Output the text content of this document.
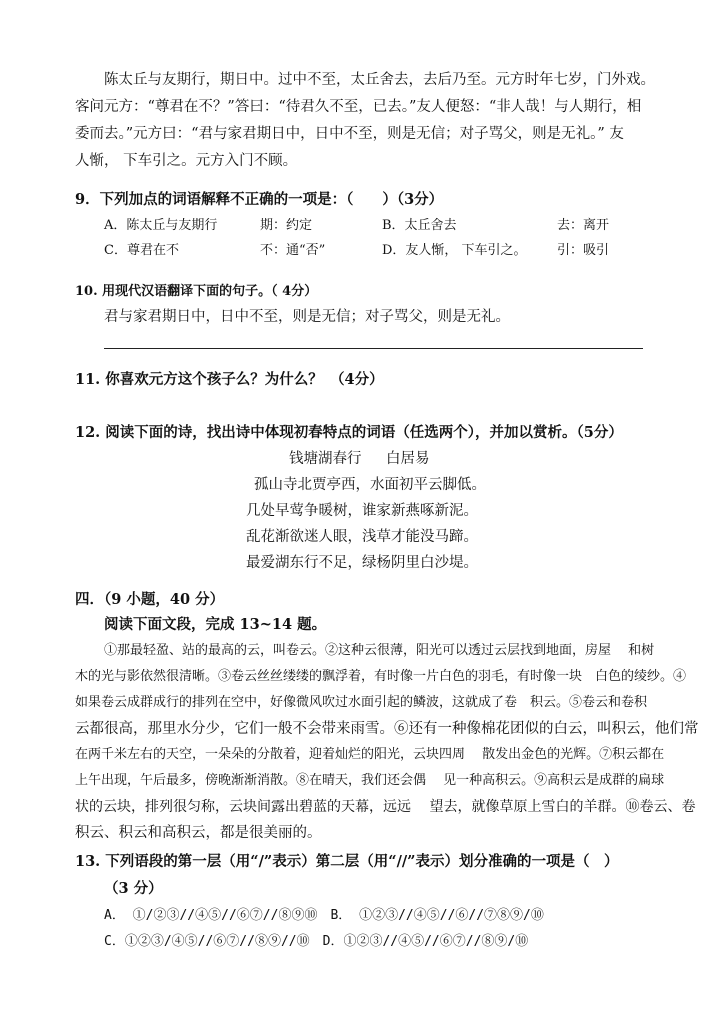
陈太丘与友期行，期日中。过中不至，太丘舍去，去后乃至。元方时年七岁，门外戏。
客问元方：“尊君在不？”答曰：“待君久不至，已去。”友人便怒：“非人哉！与人期行，相
委而去。”元方曰：“君与家君期日中，日中不至，则是无信；对子骂父，则是无礼。” 友
人惭， 下车引之。元方入门不顾。
9．下列加点的词语解释不正确的一项是：（　　）（3分）
A．陈太丘与友期行	期：约定	B．太丘舍去	去：离开
C．尊君在不	不：通“否”	D．友人惭， 下车引之。 引：吸引
10. 用现代汉语翻译下面的句子。（ 4分）
君与家君期日中，日中不至，则是无信；对子骂父，则是无礼。
11. 你喜欢元方这个孩子么？为什么？　（4分）
12. 阅读下面的诗，找出诗中体现初春特点的词语（任选两个），并加以赏析。（5分）
钱塘湖春行 白居易
孤山寺北贾亭西，水面初平云脚低。
几处早莺争暖树，谁家新燕啄新泥。
乱花渐欲迷人眼，浅草才能没马蹄。
最爱湖东行不足，绿杨阴里白沙堤。
四．（9 小题，40 分）
阅读下面文段，完成 13~14 题。
①那最轻盈、站的最高的云，叫卷云。②这种云很薄，阳光可以透过云层找到地面，房屋　 和树
木的光与影依然很清晰。③卷云丝丝缕缕的飘浮着，有时像一片白色的羽毛，有时像一块　白色的绫纱。④
如果卷云成群成行的排列在空中，好像微风吹过水面引起的鳞波，这就成了卷　积云。⑤卷云和卷积
云都很高，那里水分少，它们一般不会带来雨雪。⑥还有一种像棉花团似的白云，叫积云，他们常
在两千米左右的天空，一朵朵的分散着，迎着灿烂的阳光，云块四周　 散发出金色的光辉。⑦积云都在
上午出现，午后最多，傍晚渐渐消散。⑧在晴天，我们还会偶　 见一种高积云。⑨高积云是成群的扁球
状的云块，排列很匀称，云块间露出碧蓝的天幕，远远　 望去，就像草原上雪白的羊群。⑩卷云、卷
积云、积云和高积云，都是很美丽的。
13. 下列语段的第一层（用“/”表示）第二层（用“//”表示）划分准确的一项是（　）
（3 分）
A． ①/②③//④⑤//⑥⑦//⑧⑨⑩　B． ①②③//④⑤//⑥//⑦⑧⑨/⑩
C．①②③/④⑤//⑥⑦//⑧⑨//⑩　D．①②③//④⑤//⑥⑦//⑧⑨/⑩
